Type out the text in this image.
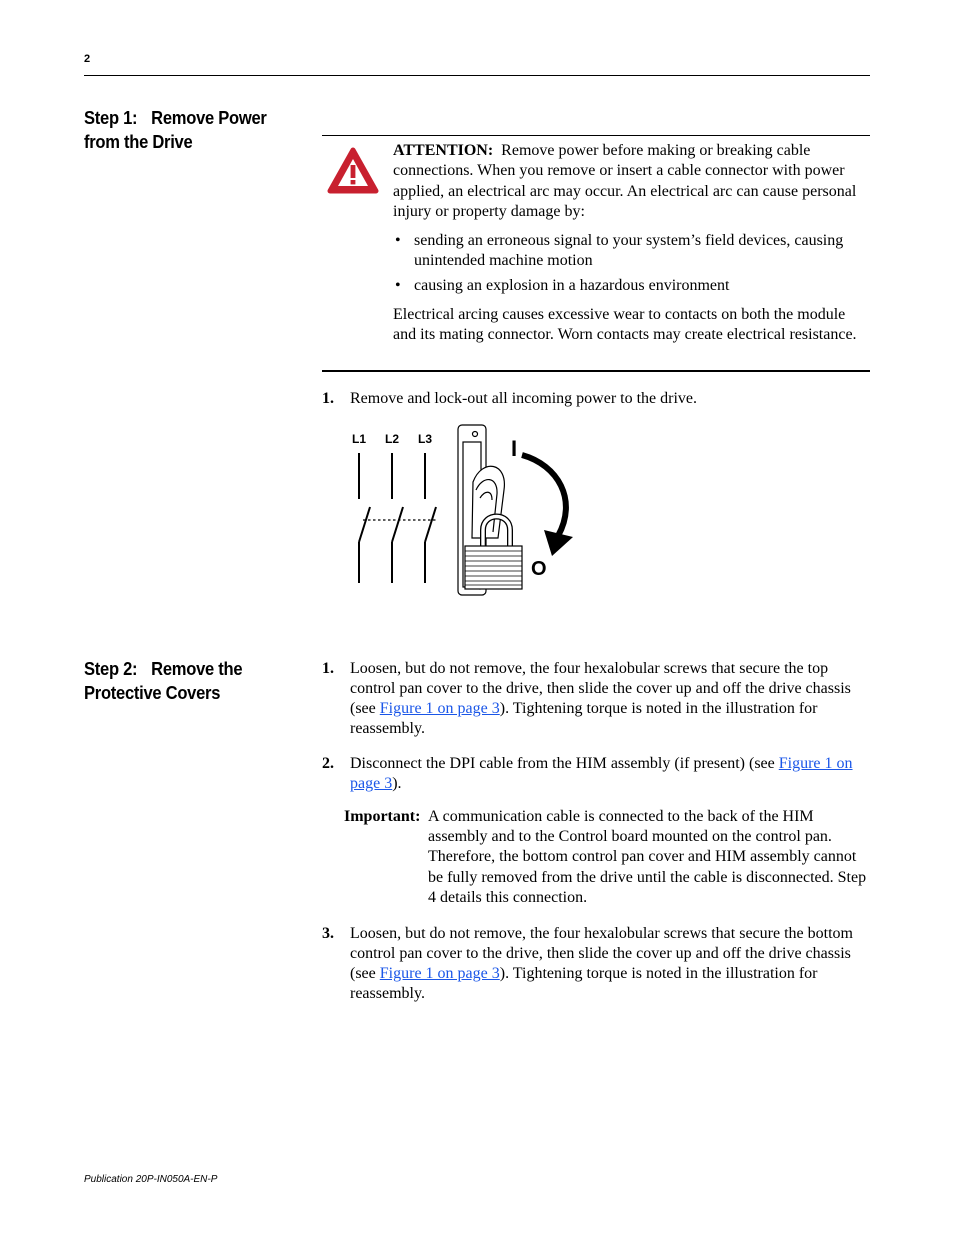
2
Step 1: Remove Power
from the Drive	ATTENTION: Remove power before making or breaking cable connections. When you remove or insert a cable connector with power applied, an electrical arc may occur. An electrical arc can cause personal injury or property damage by:

• sending an erroneous signal to your system’s field devices, causing unintended machine motion
• causing an explosion in a hazardous environment

Electrical arcing causes excessive wear to contacts on both the module and its mating connector. Worn contacts may create electrical resistance.

1. Remove and lock-out all incoming power to the drive.
L1 L2 L3	I
O
Step 2: Remove the
Protective Covers
1. Loosen, but do not remove, the four hexalobular screws that secure the top control pan cover to the drive, then slide the cover up and off the drive chassis (see Figure 1 on page 3). Tightening torque is noted in the illustration for reassembly.
2. Disconnect the DPI cable from the HIM assembly (if present) (see Figure 1 on page 3).
Important: A communication cable is connected to the back of the HIM assembly and to the Control board mounted on the control pan. Therefore, the bottom control pan cover and HIM assembly cannot be fully removed from the drive until the cable is disconnected. Step 4 details this connection.
3. Loosen, but do not remove, the four hexalobular screws that secure the bottom control pan cover to the drive, then slide the cover up and off the drive chassis (see Figure 1 on page 3). Tightening torque is noted in the illustration for reassembly.
Publication 20P-IN050A-EN-P
